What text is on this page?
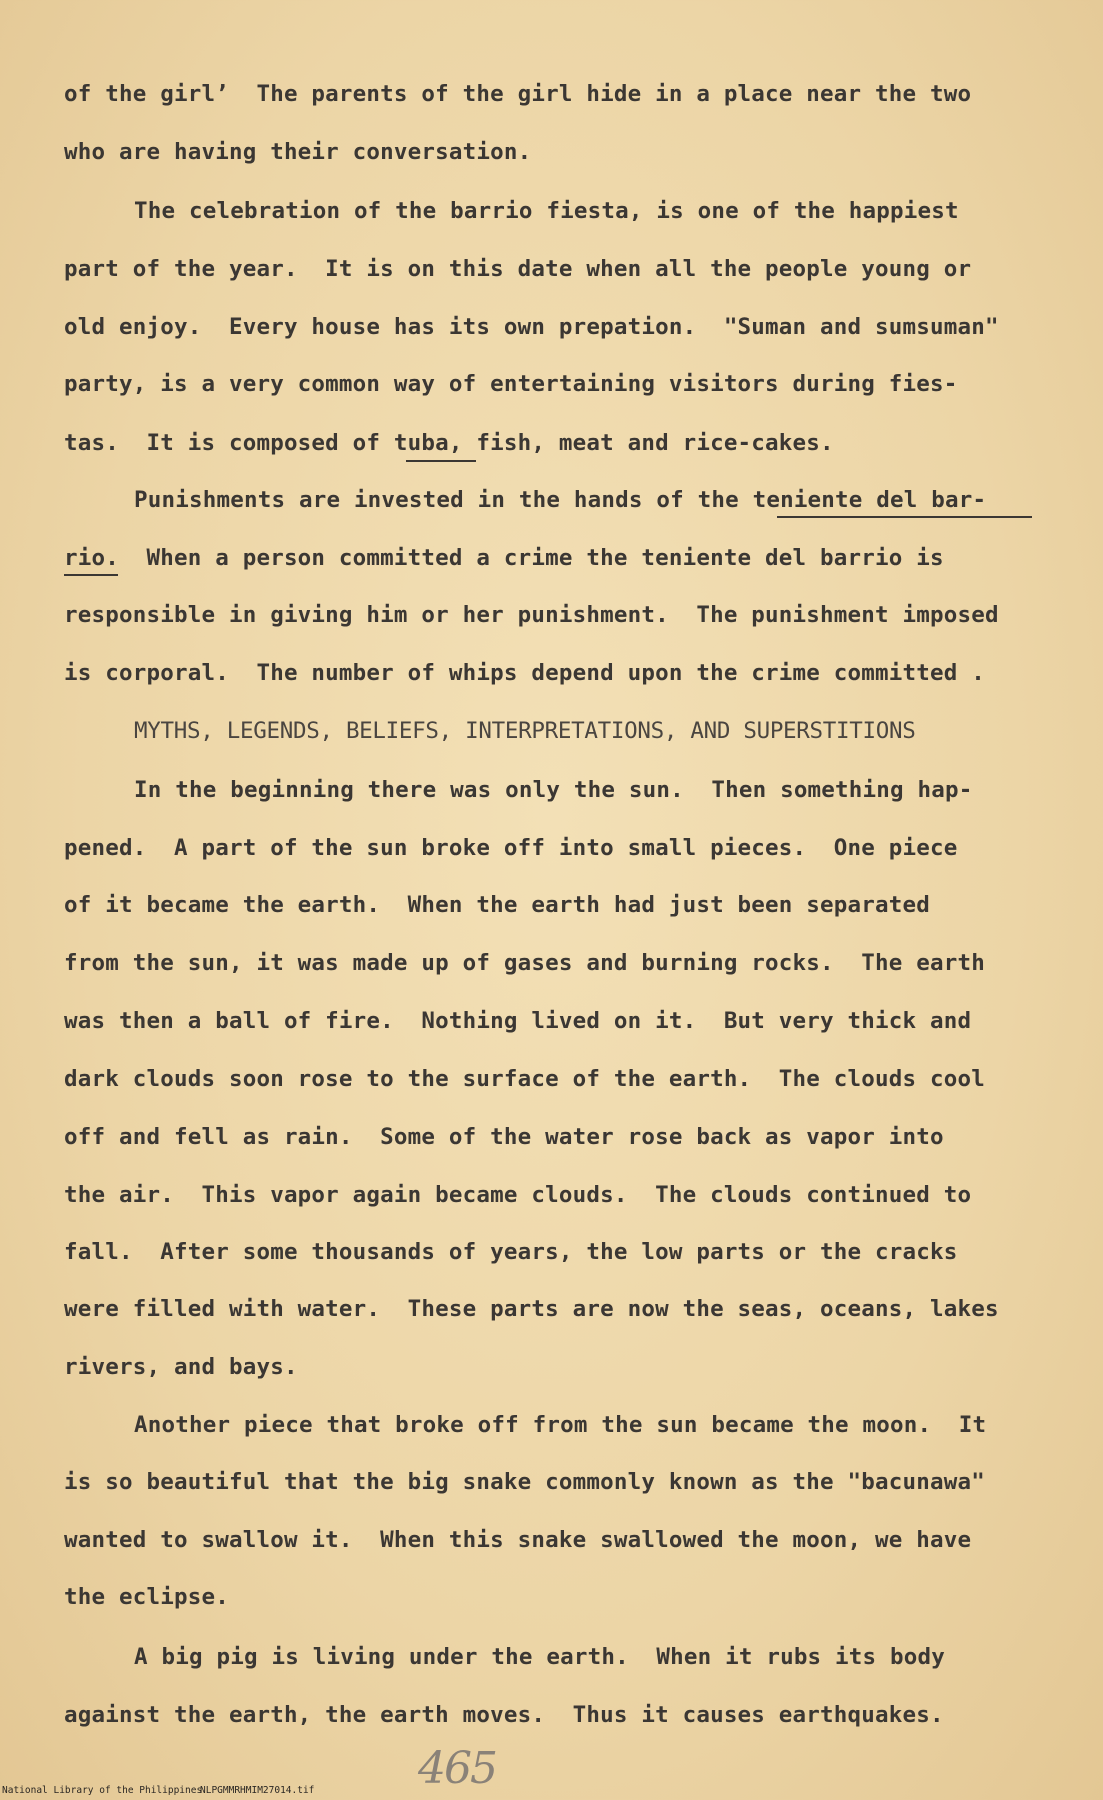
of the girl’  The parents of the girl hide in a place near the two
who are having their conversation.
The celebration of the barrio fiesta, is one of the happiest
part of the year.  It is on this date when all the people young or
old enjoy.  Every house has its own prepation.  "Suman and sumsuman"
party, is a very common way of entertaining visitors during fies-
tas.  It is composed of tuba, fish, meat and rice-cakes.
Punishments are invested in the hands of the teniente del bar-
rio.  When a person committed a crime the teniente del barrio is
responsible in giving him or her punishment.  The punishment imposed
is corporal.  The number of whips depend upon the crime committed .
MYTHS, LEGENDS, BELIEFS, INTERPRETATIONS, AND SUPERSTITIONS
In the beginning there was only the sun.  Then something hap-
pened.  A part of the sun broke off into small pieces.  One piece
of it became the earth.  When the earth had just been separated
from the sun, it was made up of gases and burning rocks.  The earth
was then a ball of fire.  Nothing lived on it.  But very thick and
dark clouds soon rose to the surface of the earth.  The clouds cool
off and fell as rain.  Some of the water rose back as vapor into
the air.  This vapor again became clouds.  The clouds continued to
fall.  After some thousands of years, the low parts or the cracks
were filled with water.  These parts are now the seas, oceans, lakes
rivers, and bays.
Another piece that broke off from the sun became the moon.  It
is so beautiful that the big snake commonly known as the "bacunawa"
wanted to swallow it.  When this snake swallowed the moon, we have
the eclipse.
A big pig is living under the earth.  When it rubs its body
against the earth, the earth moves.  Thus it causes earthquakes.
465
National Library of the Philippines
NLPGMMRHMIM27014.tif
